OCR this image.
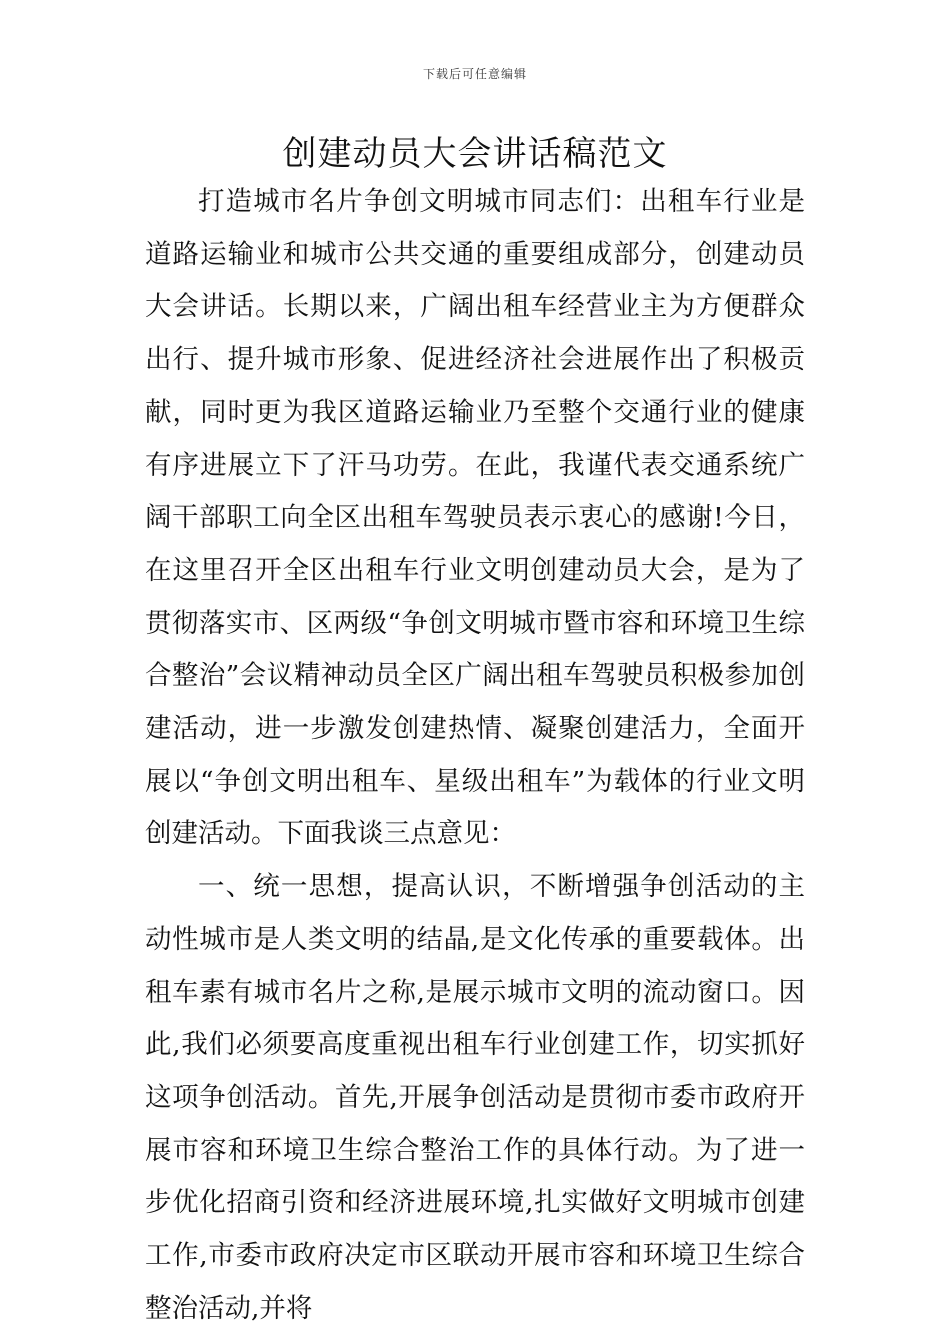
下载后可任意编辑
创建动员大会讲话稿范文

打造城市名片争创文明城市同志们：出租车行业是道路运输业和城市公共交通的重要组成部分，创建动员大会讲话。长期以来，广阔出租车经营业主为方便群众出行、提升城市形象、促进经济社会进展作出了积极贡献，同时更为我区道路运输业乃至整个交通行业的健康有序进展立下了汗马功劳。在此，我谨代表交通系统广阔干部职工向全区出租车驾驶员表示衷心的感谢!今日，在这里召开全区出租车行业文明创建动员大会，是为了贯彻落实市、区两级“争创文明城市暨市容和环境卫生综合整治”会议精神动员全区广阔出租车驾驶员积极参加创建活动，进一步激发创建热情、凝聚创建活力，全面开展以“争创文明出租车、星级出租车”为载体的行业文明创建活动。下面我谈三点意见：

一、统一思想，提高认识，不断增强争创活动的主动性城市是人类文明的结晶,是文化传承的重要载体。出租车素有城市名片之称,是展示城市文明的流动窗口。因此,我们必须要高度重视出租车行业创建工作，切实抓好这项争创活动。首先,开展争创活动是贯彻市委市政府开展市容和环境卫生综合整治工作的具体行动。为了进一步优化招商引资和经济进展环境,扎实做好文明城市创建工作,市委市政府决定市区联动开展市容和环境卫生综合整治活动,并将
